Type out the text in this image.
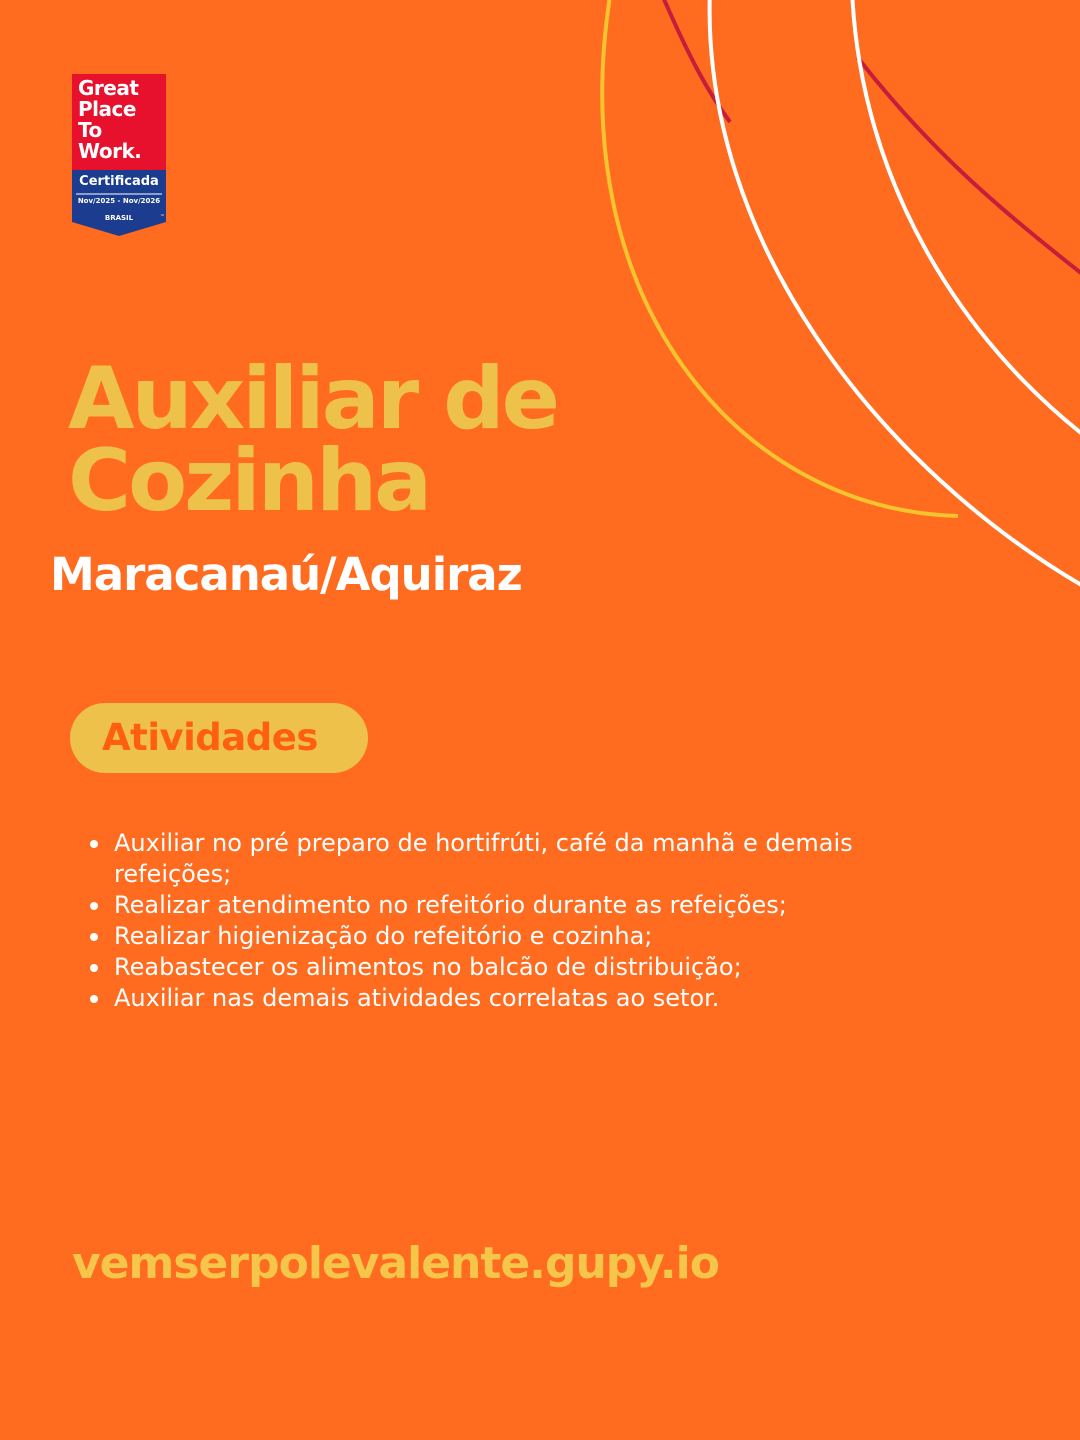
Great
Place
To
Work.
Certificada
Nov/2025 - Nov/2026
BRASIL	™
Auxiliar de
Cozinha
Maracanaú/Aquiraz
Atividades
Auxiliar no pré preparo de hortifrúti, café da manhã e demais refeições;
Realizar atendimento no refeitório durante as refeições;
Realizar higienização do refeitório e cozinha;
Reabastecer os alimentos no balcão de distribuição;
Auxiliar nas demais atividades correlatas ao setor.
vemserpolevalente.gupy.io
